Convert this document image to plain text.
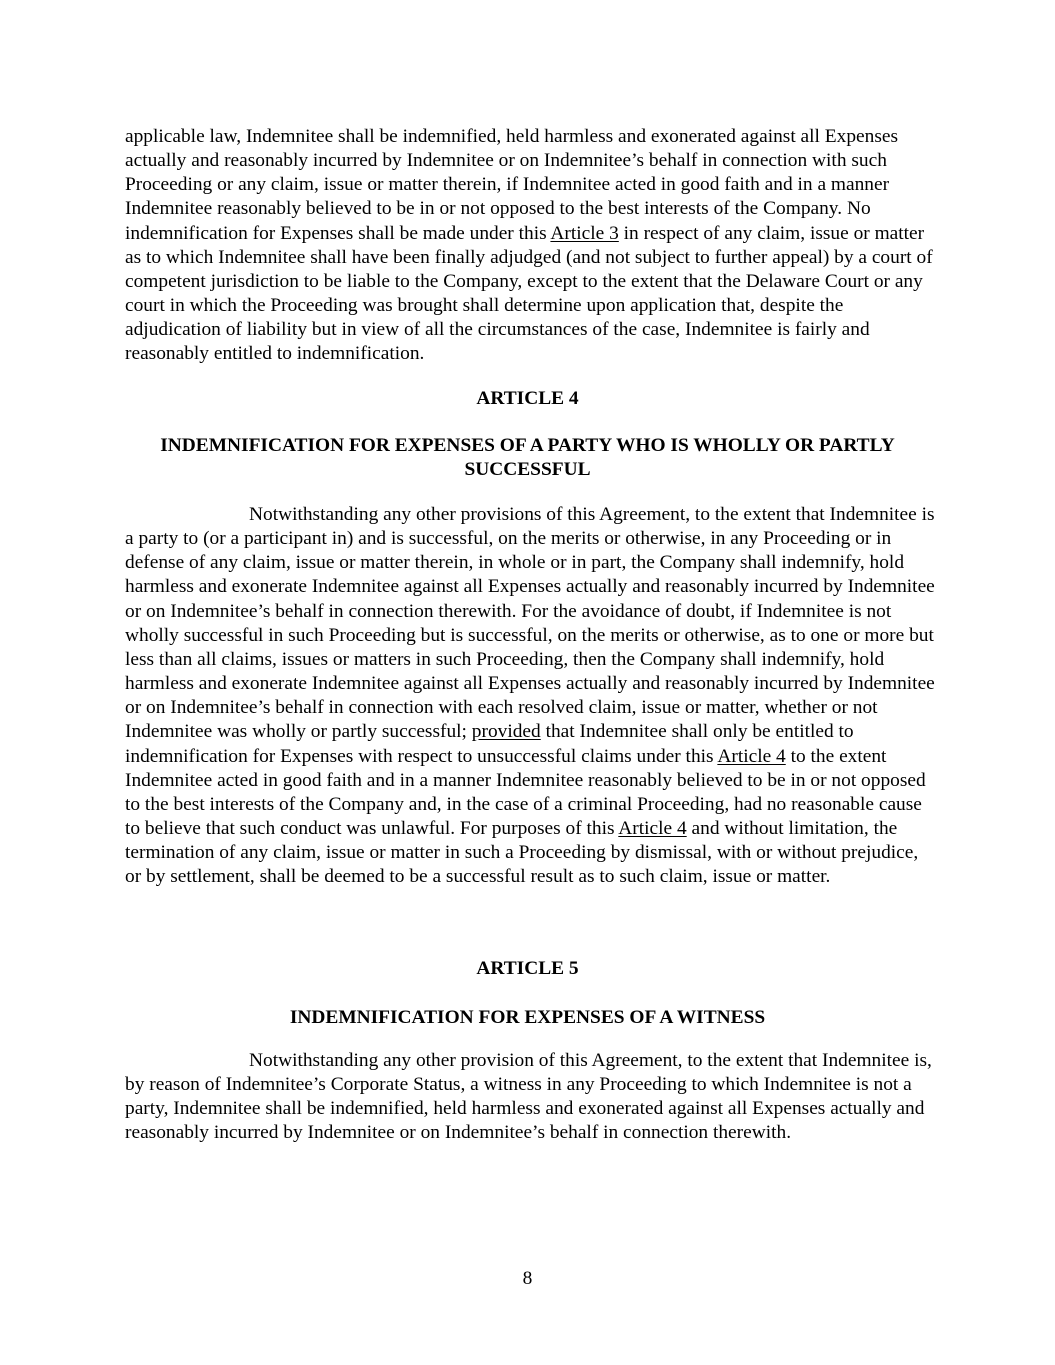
applicable law, Indemnitee shall be indemnified, held harmless and exonerated against all Expenses actually and reasonably incurred by Indemnitee or on Indemnitee’s behalf in connection with such Proceeding or any claim, issue or matter therein, if Indemnitee acted in good faith and in a manner Indemnitee reasonably believed to be in or not opposed to the best interests of the Company. No indemnification for Expenses shall be made under this Article 3 in respect of any claim, issue or matter as to which Indemnitee shall have been finally adjudged (and not subject to further appeal) by a court of competent jurisdiction to be liable to the Company, except to the extent that the Delaware Court or any court in which the Proceeding was brought shall determine upon application that, despite the adjudication of liability but in view of all the circumstances of the case, Indemnitee is fairly and reasonably entitled to indemnification.

ARTICLE 4
INDEMNIFICATION FOR EXPENSES OF A PARTY WHO IS WHOLLY OR PARTLY SUCCESSFUL

Notwithstanding any other provisions of this Agreement, to the extent that Indemnitee is a party to (or a participant in) and is successful, on the merits or otherwise, in any Proceeding or in defense of any claim, issue or matter therein, in whole or in part, the Company shall indemnify, hold harmless and exonerate Indemnitee against all Expenses actually and reasonably incurred by Indemnitee or on Indemnitee’s behalf in connection therewith. For the avoidance of doubt, if Indemnitee is not wholly successful in such Proceeding but is successful, on the merits or otherwise, as to one or more but less than all claims, issues or matters in such Proceeding, then the Company shall indemnify, hold harmless and exonerate Indemnitee against all Expenses actually and reasonably incurred by Indemnitee or on Indemnitee’s behalf in connection with each resolved claim, issue or matter, whether or not Indemnitee was wholly or partly successful; provided that Indemnitee shall only be entitled to indemnification for Expenses with respect to unsuccessful claims under this Article 4 to the extent Indemnitee acted in good faith and in a manner Indemnitee reasonably believed to be in or not opposed to the best interests of the Company and, in the case of a criminal Proceeding, had no reasonable cause to believe that such conduct was unlawful. For purposes of this Article 4 and without limitation, the termination of any claim, issue or matter in such a Proceeding by dismissal, with or without prejudice, or by settlement, shall be deemed to be a successful result as to such claim, issue or matter.

ARTICLE 5
INDEMNIFICATION FOR EXPENSES OF A WITNESS

Notwithstanding any other provision of this Agreement, to the extent that Indemnitee is, by reason of Indemnitee’s Corporate Status, a witness in any Proceeding to which Indemnitee is not a party, Indemnitee shall be indemnified, held harmless and exonerated against all Expenses actually and reasonably incurred by Indemnitee or on Indemnitee’s behalf in connection therewith.

8
